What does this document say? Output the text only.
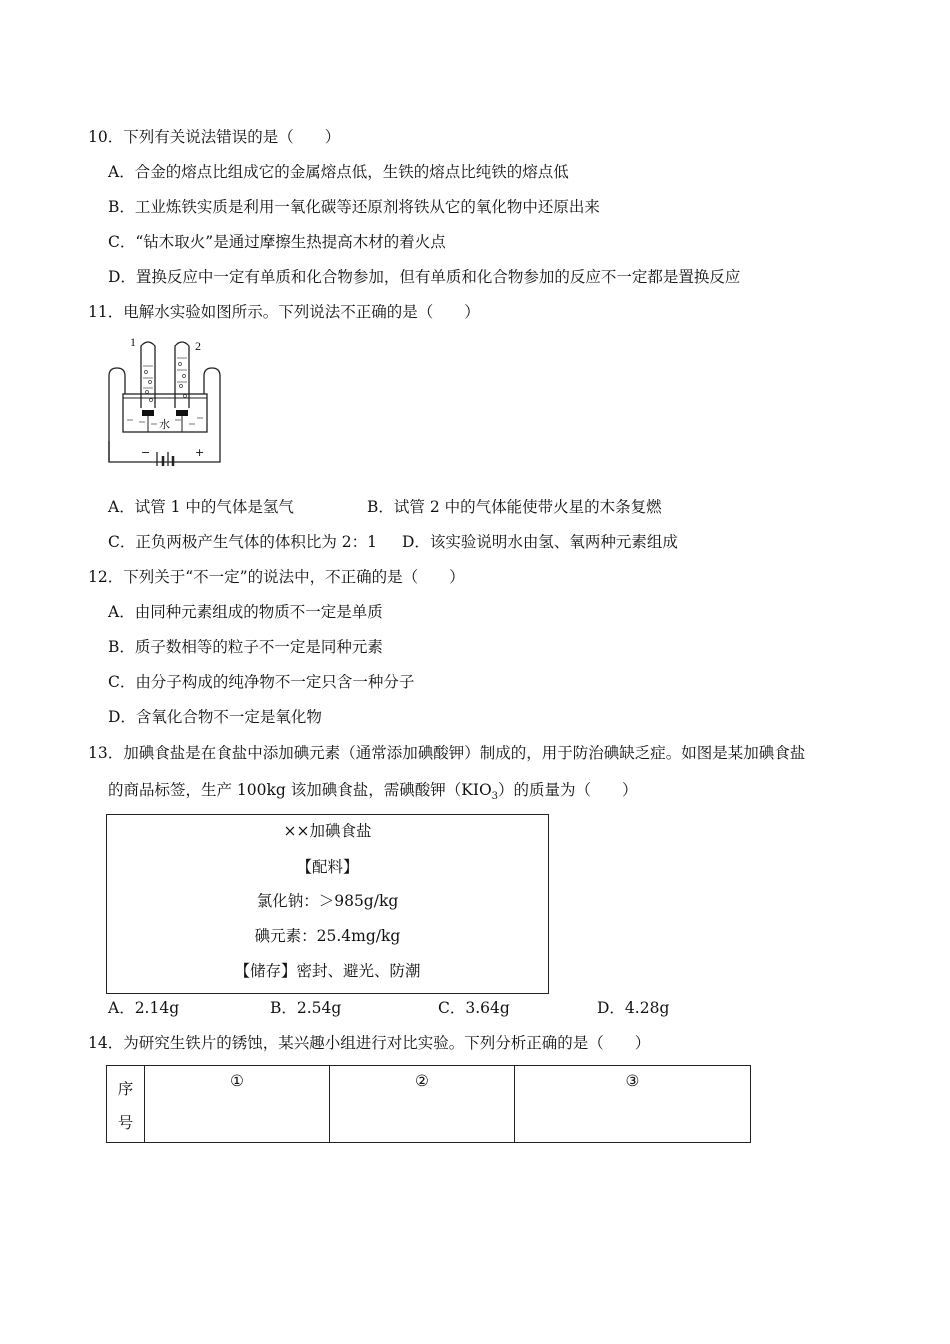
10．下列有关说法错误的是（　　）
A．合金的熔点比组成它的金属熔点低，生铁的熔点比纯铁的熔点低
B．工业炼铁实质是利用一氧化碳等还原剂将铁从它的氧化物中还原出来
C．“钻木取火”是通过摩擦生热提高木材的着火点
D．置换反应中一定有单质和化合物参加，但有单质和化合物参加的反应不一定都是置换反应
11．电解水实验如图所示。下列说法不正确的是（　　）
1	2
水
−	+
A．试管 1 中的气体是氢气	B．试管 2 中的气体能使带火星的木条复燃
C．正负两极产生气体的体积比为 2：1 D．该实验说明水由氢、氧两种元素组成
12．下列关于“不一定”的说法中，不正确的是（　　）
A．由同种元素组成的物质不一定是单质
B．质子数相等的粒子不一定是同种元素
C．由分子构成的纯净物不一定只含一种分子
D．含氧化合物不一定是氧化物
13．加碘食盐是在食盐中添加碘元素（通常添加碘酸钾）制成的，用于防治碘缺乏症。如图是某加碘食盐
的商品标签，生产 100kg 该加碘食盐，需碘酸钾$(KIO_3)$的质量为（　　）
××加碘食盐
【配料】
氯化钠：＞985g/kg
碘元素：25.4mg/kg
【储存】密封、避光、防潮
A．2.14g	B．2.54g	C．3.64g	D．4.28g
14．为研究生铁片的锈蚀，某兴趣小组进行对比实验。下列分析正确的是（　　）
序
号
	①	②	③
